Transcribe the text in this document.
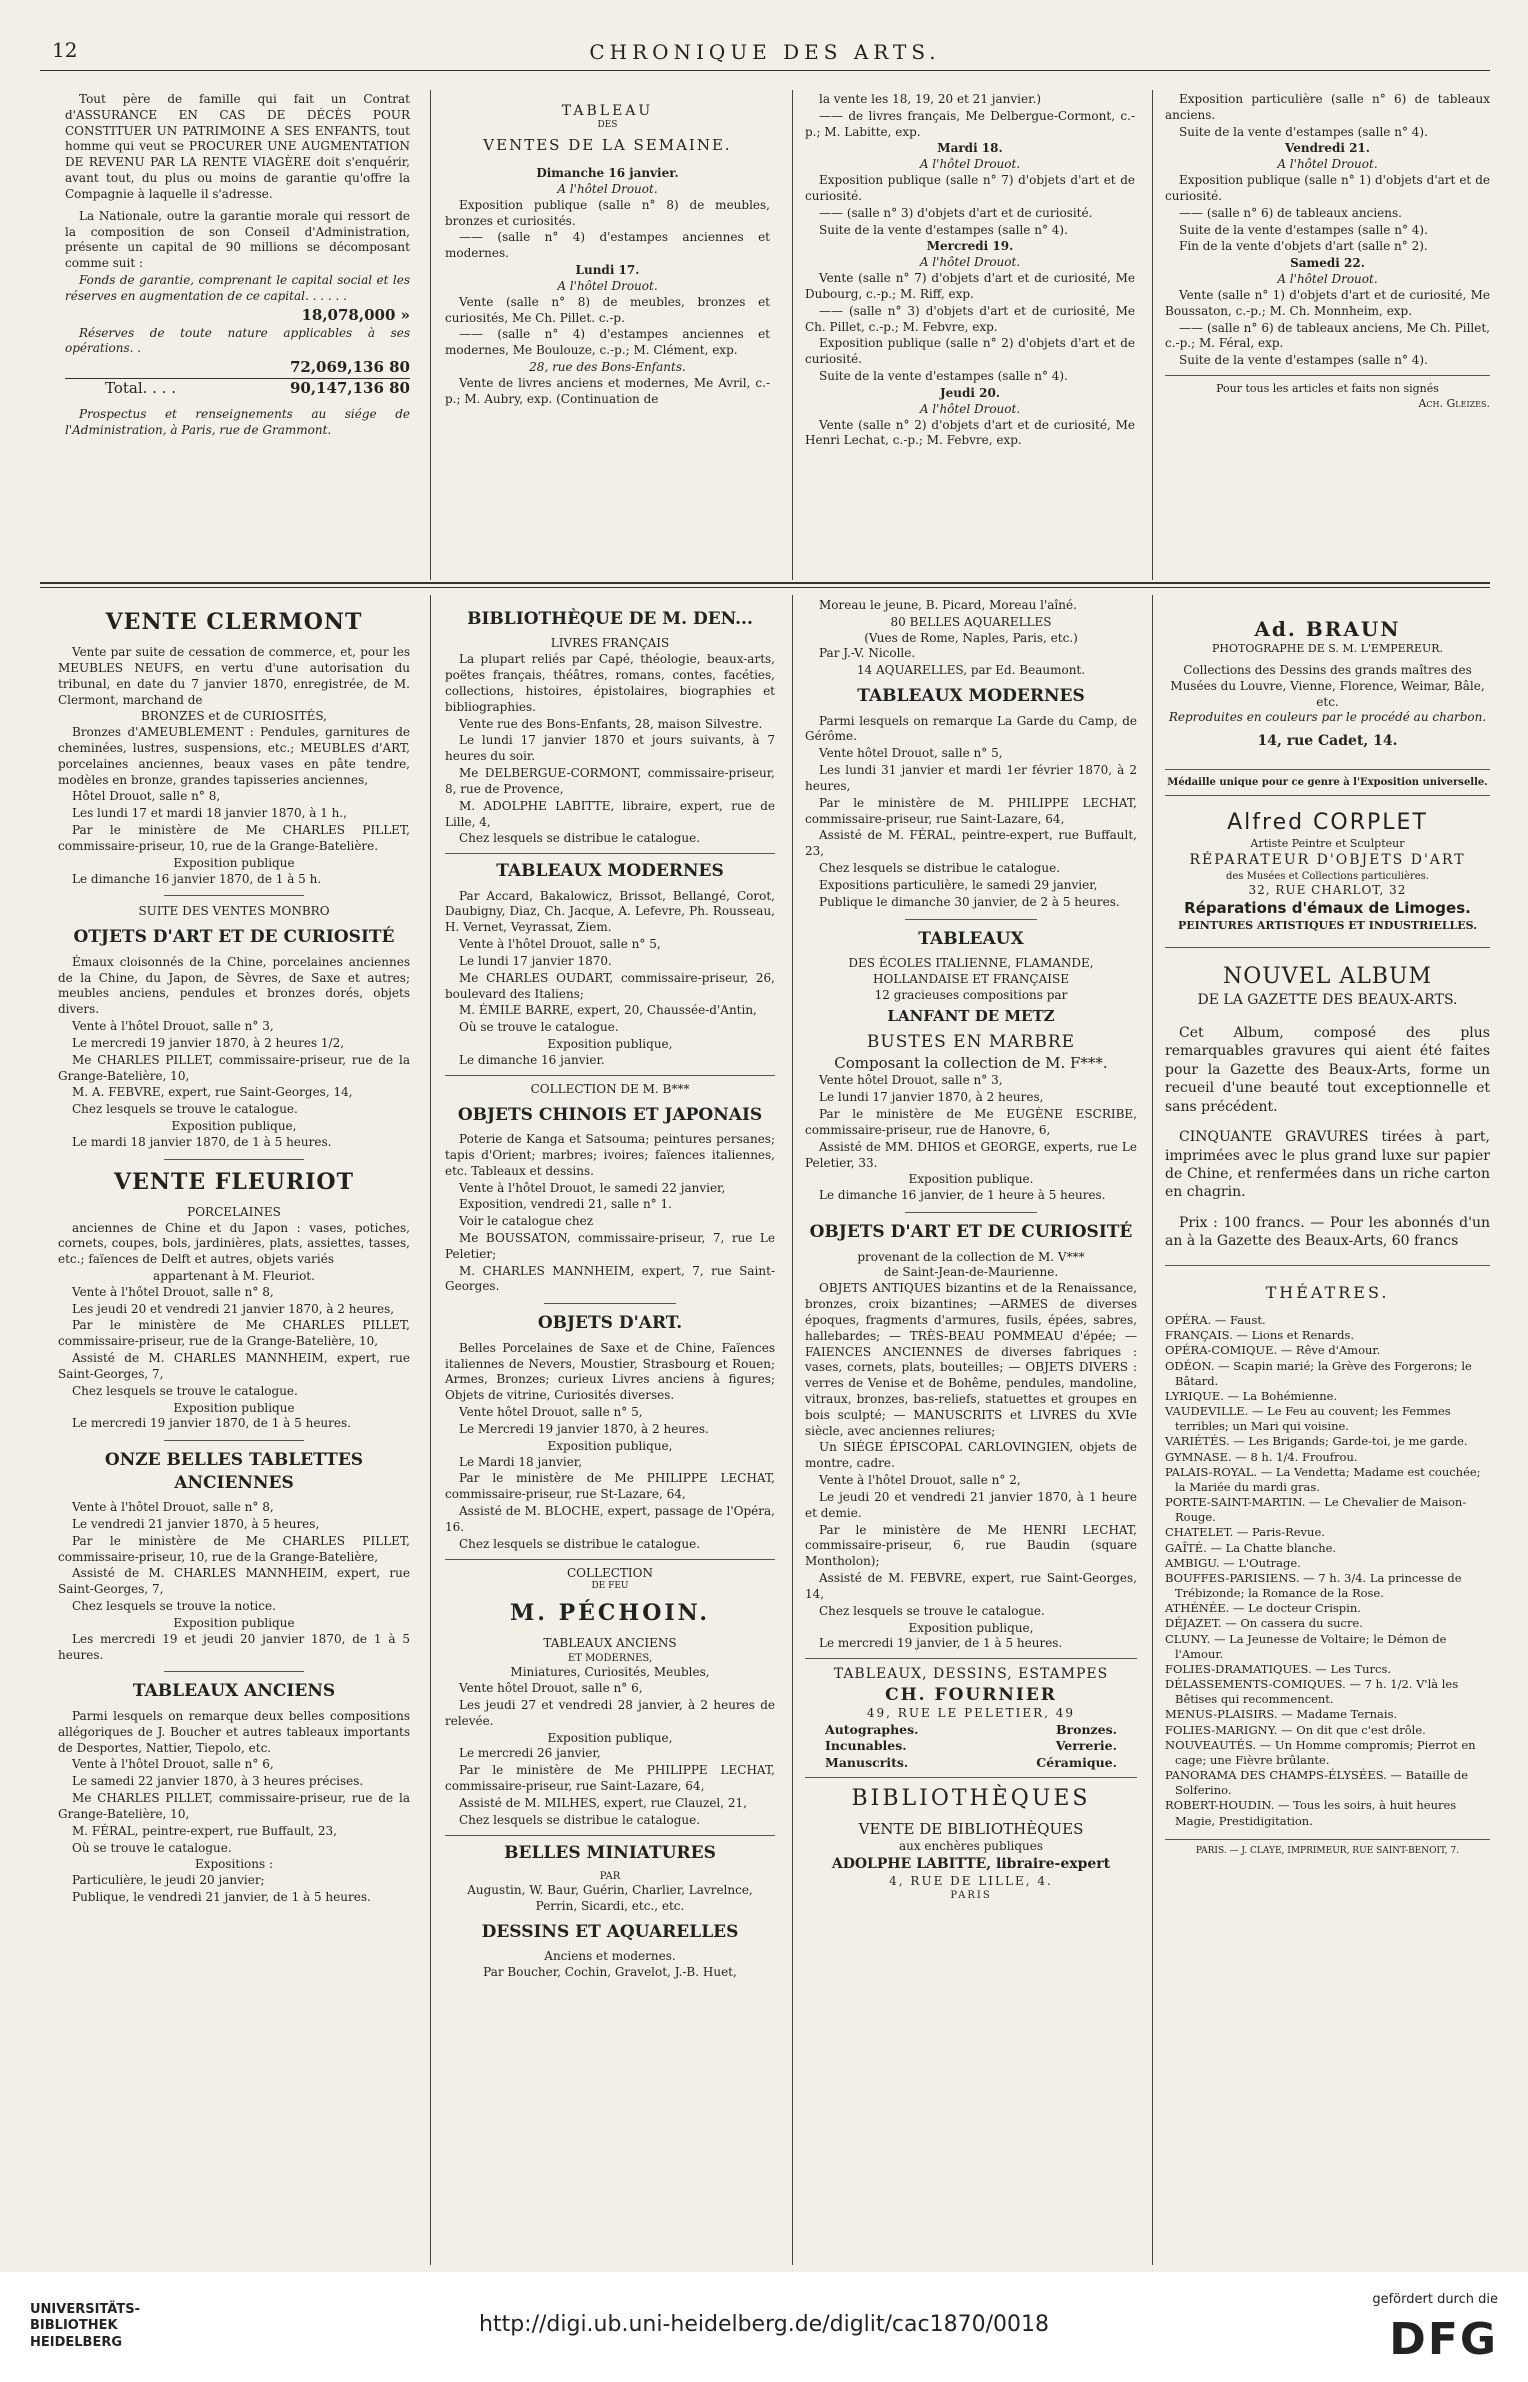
12	CHRONIQUE DES ARTS.

Tout père de famille qui fait un Contrat d'ASSURANCE EN CAS DE DÉCÈS POUR CONSTITUER UN PATRIMOINE A SES ENFANTS, tout homme qui veut se PROCURER UNE AUGMENTATION DE REVENU PAR LA RENTE VIAGÈRE doit s'enquérir, avant tout, du plus ou moins de garantie qu'offre la Compagnie à laquelle il s'adresse.

La Nationale, outre la garantie morale qui ressort de la composition de son Conseil d'Administration, présente un capital de 90 millions se décomposant comme suit :

Fonds de garantie, comprenant le capital social et les réserves en augmentation de ce capital. . . . . .

18,078,000 »

Réserves de toute nature applicables à ses opérations. .

72,069,136 80
Total. . . .	90,147,136 80

Prospectus et renseignements au siége de l'Administration, à Paris, rue de Grammont.

TABLEAU
DES
VENTES DE LA SEMAINE.
Dimanche 16 janvier.
A l'hôtel Drouot.

Exposition publique (salle n° 8) de meubles, bronzes et curiosités.

—— (salle n° 4) d'estampes anciennes et modernes.

Lundi 17.
A l'hôtel Drouot.

Vente (salle n° 8) de meubles, bronzes et curiosités, Me Ch. Pillet. c.-p.

—— (salle n° 4) d'estampes anciennes et modernes, Me Boulouze, c.-p.; M. Clément, exp.

28, rue des Bons-Enfants.

Vente de livres anciens et modernes, Me Avril, c.-p.; M. Aubry, exp. (Continuation de

la vente les 18, 19, 20 et 21 janvier.)

—— de livres français, Me Delbergue-Cormont, c.-p.; M. Labitte, exp.

Mardi 18.
A l'hôtel Drouot.

Exposition publique (salle n° 7) d'objets d'art et de curiosité.

—— (salle n° 3) d'objets d'art et de curiosité.

Suite de la vente d'estampes (salle n° 4).

Mercredi 19.
A l'hôtel Drouot.

Vente (salle n° 7) d'objets d'art et de curiosité, Me Dubourg, c.-p.; M. Riff, exp.

—— (salle n° 3) d'objets d'art et de curiosité, Me Ch. Pillet, c.-p.; M. Febvre, exp.

Exposition publique (salle n° 2) d'objets d'art et de curiosité.

Suite de la vente d'estampes (salle n° 4).

Jeudi 20.
A l'hôtel Drouot.

Vente (salle n° 2) d'objets d'art et de curiosité, Me Henri Lechat, c.-p.; M. Febvre, exp.

Exposition particulière (salle n° 6) de tableaux anciens.

Suite de la vente d'estampes (salle n° 4).

Vendredi 21.
A l'hôtel Drouot.

Exposition publique (salle n° 1) d'objets d'art et de curiosité.

—— (salle n° 6) de tableaux anciens.

Suite de la vente d'estampes (salle n° 4).

Fin de la vente d'objets d'art (salle n° 2).

Samedi 22.
A l'hôtel Drouot.

Vente (salle n° 1) d'objets d'art et de curiosité, Me Boussaton, c.-p.; M. Ch. Monnheim, exp.

—— (salle n° 6) de tableaux anciens, Me Ch. Pillet, c.-p.; M. Féral, exp.

Suite de la vente d'estampes (salle n° 4).

Pour tous les articles et faits non signés
Ach. Gleizes.
VENTE CLERMONT

Vente par suite de cessation de commerce, et, pour les MEUBLES NEUFS, en vertu d'une autorisation du tribunal, en date du 7 janvier 1870, enregistrée, de M. Clermont, marchand de

BRONZES et de CURIOSITÉS,

Bronzes d'AMEUBLEMENT : Pendules, garnitures de cheminées, lustres, suspensions, etc.; MEUBLES d'ART, porcelaines anciennes, beaux vases en pâte tendre, modèles en bronze, grandes tapisseries anciennes,

Hôtel Drouot, salle n° 8,

Les lundi 17 et mardi 18 janvier 1870, à 1 h.,

Par le ministère de Me CHARLES PILLET, commissaire-priseur, 10, rue de la Grange-Batelière.

Exposition publique

Le dimanche 16 janvier 1870, de 1 à 5 h.

SUITE DES VENTES MONBRO
OTJETS D'ART ET DE CURIOSITÉ

Émaux cloisonnés de la Chine, porcelaines anciennes de la Chine, du Japon, de Sèvres, de Saxe et autres; meubles anciens, pendules et bronzes dorés, objets divers.

Vente à l'hôtel Drouot, salle n° 3,

Le mercredi 19 janvier 1870, à 2 heures 1/2,

Me CHARLES PILLET, commissaire-priseur, rue de la Grange-Batelière, 10,

M. A. FEBVRE, expert, rue Saint-Georges, 14,

Chez lesquels se trouve le catalogue.

Exposition publique,

Le mardi 18 janvier 1870, de 1 à 5 heures.

VENTE FLEURIOT
PORCELAINES

anciennes de Chine et du Japon : vases, potiches, cornets, coupes, bols, jardinières, plats, assiettes, tasses, etc.; faïences de Delft et autres, objets variés

appartenant à M. Fleuriot.

Vente à l'hôtel Drouot, salle n° 8,

Les jeudi 20 et vendredi 21 janvier 1870, à 2 heures,

Par le ministère de Me CHARLES PILLET, commissaire-priseur, rue de la Grange-Batelière, 10,

Assisté de M. CHARLES MANNHEIM, expert, rue Saint-Georges, 7,

Chez lesquels se trouve le catalogue.

Exposition publique

Le mercredi 19 janvier 1870, de 1 à 5 heures.

ONZE BELLES TABLETTES ANCIENNES

Vente à l'hôtel Drouot, salle n° 8,

Le vendredi 21 janvier 1870, à 5 heures,

Par le ministère de Me CHARLES PILLET, commissaire-priseur, 10, rue de la Grange-Batelière,

Assisté de M. CHARLES MANNHEIM, expert, rue Saint-Georges, 7,

Chez lesquels se trouve la notice.

Exposition publique

Les mercredi 19 et jeudi 20 janvier 1870, de 1 à 5 heures.

TABLEAUX ANCIENS

Parmi lesquels on remarque deux belles compositions allégoriques de J. Boucher et autres tableaux importants de Desportes, Nattier, Tiepolo, etc.

Vente à l'hôtel Drouot, salle n° 6,

Le samedi 22 janvier 1870, à 3 heures précises.

Me CHARLES PILLET, commissaire-priseur, rue de la Grange-Batelière, 10,

M. FÉRAL, peintre-expert, rue Buffault, 23,

Où se trouve le catalogue.

Expositions :

Particulière, le jeudi 20 janvier;

Publique, le vendredi 21 janvier, de 1 à 5 heures.

BIBLIOTHÈQUE DE M. DEN...
LIVRES FRANÇAIS

La plupart reliés par Capé, théologie, beaux-arts, poëtes français, théâtres, romans, contes, facéties, collections, histoires, épistolaires, biographies et bibliographies.

Vente rue des Bons-Enfants, 28, maison Silvestre.

Le lundi 17 janvier 1870 et jours suivants, à 7 heures du soir.

Me DELBERGUE-CORMONT, commissaire-priseur, 8, rue de Provence,

M. ADOLPHE LABITTE, libraire, expert, rue de Lille, 4,

Chez lesquels se distribue le catalogue.

TABLEAUX MODERNES

Par Accard, Bakalowicz, Brissot, Bellangé, Corot, Daubigny, Diaz, Ch. Jacque, A. Lefevre, Ph. Rousseau, H. Vernet, Veyrassat, Ziem.

Vente à l'hôtel Drouot, salle n° 5,

Le lundi 17 janvier 1870.

Me CHARLES OUDART, commissaire-priseur, 26, boulevard des Italiens;

M. ÉMILE BARRE, expert, 20, Chaussée-d'Antin,

Où se trouve le catalogue.

Exposition publique,

Le dimanche 16 janvier.

COLLECTION DE M. B***
OBJETS CHINOIS ET JAPONAIS

Poterie de Kanga et Satsouma; peintures persanes; tapis d'Orient; marbres; ivoires; faïences italiennes, etc. Tableaux et dessins.

Vente à l'hôtel Drouot, le samedi 22 janvier,

Exposition, vendredi 21, salle n° 1.

Voir le catalogue chez

Me BOUSSATON, commissaire-priseur, 7, rue Le Peletier;

M. CHARLES MANNHEIM, expert, 7, rue Saint-Georges.

OBJETS D'ART.

Belles Porcelaines de Saxe et de Chine, Faïences italiennes de Nevers, Moustier, Strasbourg et Rouen; Armes, Bronzes; curieux Livres anciens à figures; Objets de vitrine, Curiosités diverses.

Vente hôtel Drouot, salle n° 5,

Le Mercredi 19 janvier 1870, à 2 heures.

Exposition publique,

Le Mardi 18 janvier,

Par le ministère de Me PHILIPPE LECHAT, commissaire-priseur, rue St-Lazare, 64,

Assisté de M. BLOCHE, expert, passage de l'Opéra, 16.

Chez lesquels se distribue le catalogue.

COLLECTION
DE FEU
M. PÉCHOIN.
TABLEAUX ANCIENS
ET MODERNES,
Miniatures, Curiosités, Meubles,

Vente hôtel Drouot, salle n° 6,

Les jeudi 27 et vendredi 28 janvier, à 2 heures de relevée.

Exposition publique,

Le mercredi 26 janvier,

Par le ministère de Me PHILIPPE LECHAT, commissaire-priseur, rue Saint-Lazare, 64,

Assisté de M. MILHES, expert, rue Clauzel, 21,

Chez lesquels se distribue le catalogue.

BELLES MINIATURES
PAR
Augustin, W. Baur, Guérin, Charlier, Lavrelnce, Perrin, Sicardi, etc., etc.
DESSINS ET AQUARELLES
Anciens et modernes.
Par Boucher, Cochin, Gravelot, J.-B. Huet,

Moreau le jeune, B. Picard, Moreau l'aîné.

80 BELLES AQUARELLES
(Vues de Rome, Naples, Paris, etc.)

Par J.-V. Nicolle.

14 AQUARELLES, par Ed. Beaumont.
TABLEAUX MODERNES

Parmi lesquels on remarque La Garde du Camp, de Gérôme.

Vente hôtel Drouot, salle n° 5,

Les lundi 31 janvier et mardi 1er février 1870, à 2 heures,

Par le ministère de M. PHILIPPE LECHAT, commissaire-priseur, rue Saint-Lazare, 64,

Assisté de M. FÉRAL, peintre-expert, rue Buffault, 23,

Chez lesquels se distribue le catalogue.

Expositions particulière, le samedi 29 janvier,

Publique le dimanche 30 janvier, de 2 à 5 heures.

TABLEAUX
DES ÉCOLES ITALIENNE, FLAMANDE,
HOLLANDAISE ET FRANÇAISE
12 gracieuses compositions par
LANFANT DE METZ
BUSTES EN MARBRE
Composant la collection de M. F***.

Vente hôtel Drouot, salle n° 3,

Le lundi 17 janvier 1870, à 2 heures,

Par le ministère de Me EUGÈNE ESCRIBE, commissaire-priseur, rue de Hanovre, 6,

Assisté de MM. DHIOS et GEORGE, experts, rue Le Peletier, 33.

Exposition publique.

Le dimanche 16 janvier, de 1 heure à 5 heures.

OBJETS D'ART ET DE CURIOSITÉ
provenant de la collection de M. V***
de Saint-Jean-de-Maurienne.

OBJETS ANTIQUES bizantins et de la Renaissance, bronzes, croix bizantines; —ARMES de diverses époques, fragments d'armures, fusils, épées, sabres, hallebardes; — TRÈS-BEAU POMMEAU d'épée; — FAIENCES ANCIENNES de diverses fabriques : vases, cornets, plats, bouteilles; — OBJETS DIVERS : verres de Venise et de Bohême, pendules, mandoline, vitraux, bronzes, bas-reliefs, statuettes et groupes en bois sculpté; — MANUSCRITS et LIVRES du XVIe siècle, avec anciennes reliures;

Un SIÉGE ÉPISCOPAL CARLOVINGIEN, objets de montre, cadre.

Vente à l'hôtel Drouot, salle n° 2,

Le jeudi 20 et vendredi 21 janvier 1870, à 1 heure et demie.

Par le ministère de Me HENRI LECHAT, commissaire-priseur, 6, rue Baudin (square Montholon);

Assisté de M. FEBVRE, expert, rue Saint-Georges, 14,

Chez lesquels se trouve le catalogue.

Exposition publique,

Le mercredi 19 janvier, de 1 à 5 heures.

TABLEAUX, DESSINS, ESTAMPES
CH. FOURNIER
49, RUE LE PELETIER, 49
Autographes.	Bronzes.
Incunables.	Verrerie.
Manuscrits.	Céramique.
BIBLIOTHÈQUES
VENTE DE BIBLIOTHÈQUES
aux enchères publiques
ADOLPHE LABITTE, libraire-expert
4, RUE DE LILLE, 4.
PARIS
Ad. BRAUN
PHOTOGRAPHE DE S. M. L'EMPEREUR.
Collections des Dessins des grands maîtres des Musées du Louvre, Vienne, Florence, Weimar, Bâle, etc.
Reproduites en couleurs par le procédé au charbon.
14, rue Cadet, 14.
Médaille unique pour ce genre à l'Exposition universelle.
Alfred CORPLET
Artiste Peintre et Sculpteur
RÉPARATEUR D'OBJETS D'ART
des Musées et Collections particulières.
32, RUE CHARLOT, 32
Réparations d'émaux de Limoges.
PEINTURES ARTISTIQUES ET INDUSTRIELLES.
NOUVEL ALBUM
DE LA GAZETTE DES BEAUX-ARTS.

Cet Album, composé des plus remarquables gravures qui aient été faites pour la Gazette des Beaux-Arts, forme un recueil d'une beauté tout exceptionnelle et sans précédent.

CINQUANTE GRAVURES tirées à part, imprimées avec le plus grand luxe sur papier de Chine, et renfermées dans un riche carton en chagrin.

Prix : 100 francs. — Pour les abonnés d'un an à la Gazette des Beaux-Arts, 60 francs

THÉATRES.
OPÉRA. — Faust.
FRANÇAIS. — Lions et Renards.
OPÉRA-COMIQUE. — Rêve d'Amour.
ODÉON. — Scapin marié; la Grève des Forgerons; le Bâtard.
LYRIQUE. — La Bohémienne.
VAUDEVILLE. — Le Feu au couvent; les Femmes terribles; un Mari qui voisine.
VARIÉTÉS. — Les Brigands; Garde-toi, je me garde.
GYMNASE. — 8 h. 1/4. Froufrou.
PALAIS-ROYAL. — La Vendetta; Madame est couchée; la Mariée du mardi gras.
PORTE-SAINT-MARTIN. — Le Chevalier de Maison-Rouge.
CHATELET. — Paris-Revue.
GAÎTÉ. — La Chatte blanche.
AMBIGU. — L'Outrage.
BOUFFES-PARISIENS. — 7 h. 3/4. La princesse de Trébizonde; la Romance de la Rose.
ATHÉNÉE. — Le docteur Crispin.
DÉJAZET. — On cassera du sucre.
CLUNY. — La Jeunesse de Voltaire; le Démon de l'Amour.
FOLIES-DRAMATIQUES. — Les Turcs.
DÉLASSEMENTS-COMIQUES. — 7 h. 1/2. V'là les Bêtises qui recommencent.
MENUS-PLAISIRS. — Madame Ternais.
FOLIES-MARIGNY. — On dit que c'est drôle.
NOUVEAUTÉS. — Un Homme compromis; Pierrot en cage; une Fièvre brûlante.
PANORAMA DES CHAMPS-ÉLYSÉES. — Bataille de Solferino.
ROBERT-HOUDIN. — Tous les soirs, à huit heures Magie, Prestidigitation.
PARIS. — J. CLAYE, IMPRIMEUR, RUE SAINT-BENOIT, 7.
UNIVERSITÄTS-
BIBLIOTHEK
HEIDELBERG
http://digi.ub.uni-heidelberg.de/diglit/cac1870/0018
gefördert durch die
DFG
